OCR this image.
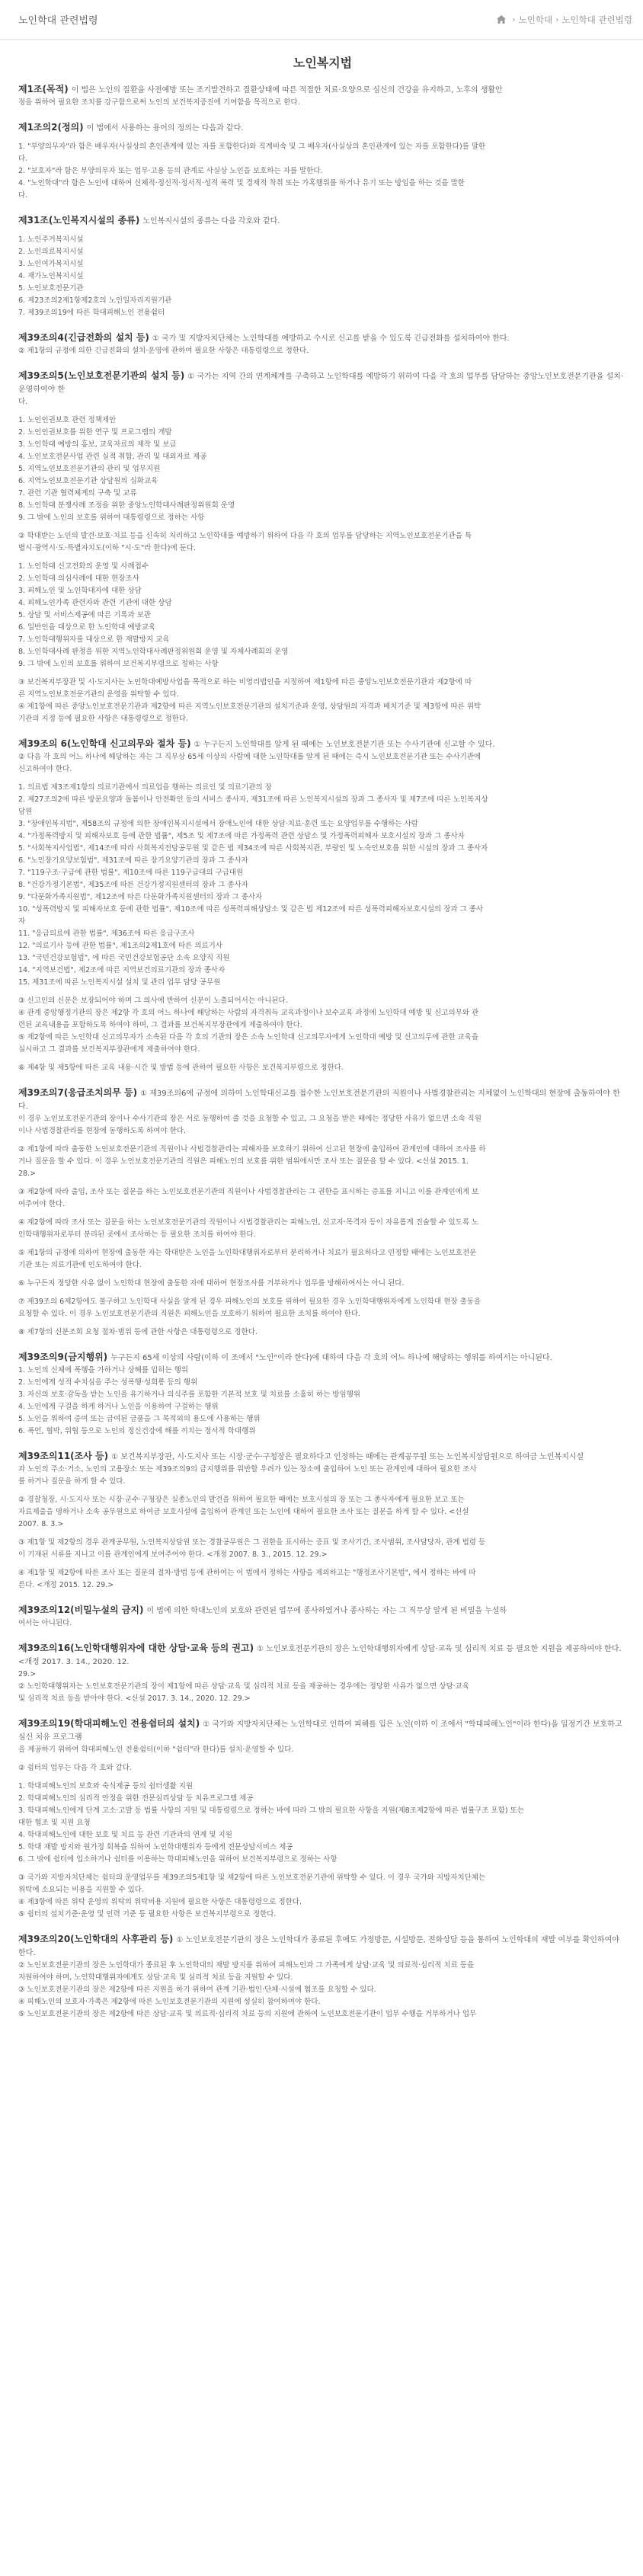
노인학대 관련법령	› 노인학대 › 노인학대 관련법령
노인복지법
제1조(목적) 이 법은 노인의 질환을 사전예방 또는 조기발견하고 질환상태에 따른 적절한 치료·요양으로 심신의 건강을 유지하고, 노후의 생활안
정을 위하여 필요한 조치를 강구함으로써 노인의 보건복지증진에 기여함을 목적으로 한다.
제1조의2(정의) 이 법에서 사용하는 용어의 정의는 다음과 같다.
1. "부양의무자"라 함은 배우자(사실상의 혼인관계에 있는 자를 포함한다)와 직계비속 및 그 배우자(사실상의 혼인관계에 있는 자를 포함한다)를 말한
다.
2. "보호자"라 함은 부양의무자 또는 업무·고용 등의 관계로 사실상 노인을 보호하는 자를 말한다.
4. "노인학대"라 함은 노인에 대하여 신체적·정신적·정서적·성적 폭력 및 경제적 착취 또는 가혹행위를 하거나 유기 또는 방임을 하는 것을 말한
다.
제31조(노인복지시설의 종류) 노인복지시설의 종류는 다음 각호와 같다.
1. 노인주거복지시설
2. 노인의료복지시설
3. 노인여가복지시설
4. 재가노인복지시설
5. 노인보호전문기관
6. 제23조의2제1항제2호의 노인일자리지원기관
7. 제39조의19에 따른 학대피해노인 전용쉼터
제39조의4(긴급전화의 설치 등) ① 국가 및 지방자치단체는 노인학대를 예방하고 수시로 신고를 받을 수 있도록 긴급전화를 설치하여야 한다.
② 제1항의 규정에 의한 긴급전화의 설치·운영에 관하여 필요한 사항은 대통령령으로 정한다.
제39조의5(노인보호전문기관의 설치 등) ① 국가는 지역 간의 연계체계를 구축하고 노인학대를 예방하기 위하여 다음 각 호의 업무를 담당하는 중앙노인보호전문기관을 설치·운영하여야 한
다.
1. 노인인권보호 관련 정책제안
2. 노인인권보호를 위한 연구 및 프로그램의 개발
3. 노인학대 예방의 홍보, 교육자료의 제작 및 보급
4. 노인보호전문사업 관련 실적 취합, 관리 및 대외자료 제공
5. 지역노인보호전문기관의 관리 및 업무지원
6. 지역노인보호전문기관 상담원의 심화교육
7. 관련 기관 협력체계의 구축 및 교류
8. 노인학대 분쟁사례 조정을 위한 중앙노인학대사례판정위원회 운영
9. 그 밖에 노인의 보호를 위하여 대통령령으로 정하는 사항
② 학대받는 노인의 발견·보호·치료 등을 신속히 처리하고 노인학대를 예방하기 위하여 다음 각 호의 업무를 담당하는 지역노인보호전문기관을 특
별시·광역시·도·특별자치도(이하 "시·도"라 한다)에 둔다.
1. 노인학대 신고전화의 운영 및 사례접수
2. 노인학대 의심사례에 대한 현장조사
3. 피해노인 및 노인학대자에 대한 상담
4. 피해노인가족 관련자와 관련 기관에 대한 상담
5. 상담 및 서비스제공에 따른 기록과 보관
6. 일반인을 대상으로 한 노인학대 예방교육
7. 노인학대행위자를 대상으로 한 재발방지 교육
8. 노인학대사례 판정을 위한 지역노인학대사례판정위원회 운영 및 자체사례회의 운영
9. 그 밖에 노인의 보호를 위하여 보건복지부령으로 정하는 사항
③ 보건복지부장관 및 시·도지사는 노인학대예방사업을 목적으로 하는 비영리법인을 지정하여 제1항에 따른 중앙노인보호전문기관과 제2항에 따
른 지역노인보호전문기관의 운영을 위탁할 수 있다.
④ 제1항에 따른 중앙노인보호전문기관과 제2항에 따른 지역노인보호전문기관의 설치기준과 운영, 상담원의 자격과 배치기준 및 제3항에 따른 위탁
기관의 지정 등에 필요한 사항은 대통령령으로 정한다.
제39조의 6(노인학대 신고의무와 절차 등) ① 누구든지 노인학대를 알게 된 때에는 노인보호전문기관 또는 수사기관에 신고할 수 있다.
② 다음 각 호의 어느 하나에 해당하는 자는 그 직무상 65세 이상의 사람에 대한 노인학대를 알게 된 때에는 즉시 노인보호전문기관 또는 수사기관에
신고하여야 한다.
1. 의료법 제3조제1항의 의료기관에서 의료업을 행하는 의료인 및 의료기관의 장
2. 제27조의2에 따른 방문요양과 돌봄이나 안전확인 등의 서비스 종사자, 제31조에 따른 노인복지시설의 장과 그 종사자 및 제7조에 따른 노인복지상
담원
3. "장애인복지법", 제58조의 규정에 의한 장애인복지시설에서 장애노인에 대한 상담·치료·훈련 또는 요양업무를 수행하는 사람
4. "가정폭력방지 및 피해자보호 등에 관한 법률", 제5조 및 제7조에 따른 가정폭력 관련 상담소 및 가정폭력피해자 보호시설의 장과 그 종사자
5. "사회복지사업법", 제14조에 따라 사회복지전담공무원 및 같은 법 제34조에 따른 사회복지관, 부랑인 및 노숙인보호를 위한 시설의 장과 그 종사자
6. "노인장기요양보험법", 제31조에 따른 장기요양기관의 장과 그 종사자
7. "119구조·구급에 관한 법률", 제10조에 따른 119구급대의 구급대원
8. "건강가정기본법", 제35조에 따른 건강가정지원센터의 장과 그 종사자
9. "다문화가족지원법", 제12조에 따른 다문화가족지원센터의 장과 그 종사자
10. "성폭력방지 및 피해자보호 등에 관한 법률", 제10조에 따른 성폭력피해상담소 및 같은 법 제12조에 따른 성폭력피해자보호시설의 장과 그 종사
자
11. "응급의료에 관한 법률", 제36조에 따른 응급구조사
12. "의료기사 등에 관한 법률", 제1조의2제1호에 따른 의료기사
13. "국민건강보험법", 에 따른 국민건강보험공단 소속 요양직 직원
14. "지역보건법", 제2조에 따른 지역보건의료기관의 장과 종사자
15. 제31조에 따른 노인복지시설 설치 및 관리 업무 담당 공무원
③ 신고인의 신분은 보장되어야 하며 그 의사에 반하여 신분이 노출되어서는 아니된다.
④ 관계 중앙행정기관의 장은 제2항 각 호의 어느 하나에 해당하는 사람의 자격취득 교육과정이나 보수교육 과정에 노인학대 예방 및 신고의무와 관
련된 교육내용을 포함하도록 하여야 하며, 그 결과를 보건복지부장관에게 제출하여야 한다.
⑤ 제2항에 따른 노인학대 신고의무자가 소속된 다음 각 호의 기관의 장은 소속 노인학대 신고의무자에게 노인학대 예방 및 신고의무에 관한 교육을
실시하고 그 결과를 보건복지부장관에게 제출하여야 한다.
⑥ 제4항 및 제5항에 따른 교육 내용·시간 및 방법 등에 관하여 필요한 사항은 보건복지부령으로 정한다.
제39조의7(응급조치의무 등) ① 제39조의6에 규정에 의하여 노인학대신고를 접수한 노인보호전문기관의 직원이나 사법경찰관리는 지체없이 노인학대의 현장에 출동하여야 한다.
이 경우 노인보호전문기관의 장이나 수사기관의 장은 서로 동행하여 줄 것을 요청할 수 있고, 그 요청을 받은 때에는 정당한 사유가 없으면 소속 직원
이나 사법경찰관리를 현장에 동행하도록 하여야 한다.
② 제1항에 따라 출동한 노인보호전문기관의 직원이나 사법경찰관리는 피해자를 보호하기 위하여 신고된 현장에 출입하여 관계인에 대하여 조사를 하
거나 질문을 할 수 있다. 이 경우 노인보호전문기관의 직원은 피해노인의 보호를 위한 범위에서만 조사 또는 질문을 할 수 있다. <신설 2015. 1.
28.>
③ 제2항에 따라 출입, 조사 또는 질문을 하는 노인보호전문기관의 직원이나 사법경찰관리는 그 권한을 표시하는 증표를 지니고 이를 관계인에게 보
여주어야 한다.
④ 제2항에 따라 조사 또는 질문을 하는 노인보호전문기관의 직원이나 사법경찰관리는 피해노인, 신고자·목격자 등이 자유롭게 진술할 수 있도록 노
인학대행위자로부터 분리된 곳에서 조사하는 등 필요한 조치를 하여야 한다.
⑤ 제1항의 규정에 의하여 현장에 출동한 자는 학대받은 노인을 노인학대행위자로부터 분리하거나 치료가 필요하다고 인정할 때에는 노인보호전문
기관 또는 의료기관에 인도하여야 한다.
⑥ 누구든지 정당한 사유 없이 노인학대 현장에 출동한 자에 대하여 현장조사를 거부하거나 업무를 방해하여서는 아니 된다.
⑦ 제39조의 6제2항에도 불구하고 노인학대 사실을 알게 된 경우 피해노인의 보호를 위하여 필요한 경우 노인학대행위자에게 노인학대 현장 출동을
요청할 수 있다. 이 경우 노인보호전문기관의 직원은 피해노인을 보호하기 위하여 필요한 조치를 하여야 한다.
⑧ 제7항의 신분조회 요청 절차·범위 등에 관한 사항은 대통령령으로 정한다.
제39조의9(금지행위) 누구든지 65세 이상의 사람(이하 이 조에서 "노인"이라 한다)에 대하여 다음 각 호의 어느 하나에 해당하는 행위를 하여서는 아니된다.
1. 노인의 신체에 폭행을 가하거나 상해를 입히는 행위
2. 노인에게 성적 수치심을 주는 성폭행·성희롱 등의 행위
3. 자신의 보호·감독을 받는 노인을 유기하거나 의식주를 포함한 기본적 보호 및 치료를 소홀히 하는 방임행위
4. 노인에게 구걸을 하게 하거나 노인을 이용하여 구걸하는 행위
5. 노인을 위하여 증여 또는 급여된 금품을 그 목적외의 용도에 사용하는 행위
6. 폭언, 협박, 위협 등으로 노인의 정신건강에 해를 끼치는 정서적 학대행위
제39조의11(조사 등) ① 보건복지부장관, 시·도지사 또는 시장·군수·구청장은 필요하다고 인정하는 때에는 관계공무원 또는 노인복지상담원으로 하여금 노인복지시설
과 노인의 주소·거소, 노인의 고용장소 또는 제39조의9의 금지행위를 위반할 우려가 있는 장소에 출입하여 노인 또는 관계인에 대하여 필요한 조사
를 하거나 질문을 하게 할 수 있다.
② 경찰청장, 시·도지사 또는 시장·군수·구청장은 실종노인의 발견을 위하여 필요한 때에는 보호시설의 장 또는 그 종사자에게 필요한 보고 또는
자료제출을 명하거나 소속 공무원으로 하여금 보호시설에 출입하여 관계인 또는 노인에 대하여 필요한 조사 또는 질문을 하게 할 수 있다. <신설
2007. 8. 3.>
③ 제1항 및 제2항의 경우 관계공무원, 노인복지상담원 또는 경찰공무원은 그 권한을 표시하는 증표 및 조사기간, 조사범위, 조사담당자, 관계 법령 등
이 기재된 서류를 지니고 이를 관계인에게 보여주어야 한다. <개정 2007. 8. 3., 2015. 12. 29.>
④ 제1항 및 제2항에 따른 조사 또는 질문의 절차·방법 등에 관하여는 이 법에서 정하는 사항을 제외하고는 "행정조사기본법", 에서 정하는 바에 따
른다. <개정 2015. 12. 29.>
제39조의12(비밀누설의 금지) 이 법에 의한 학대노인의 보호와 관련된 업무에 종사하였거나 종사하는 자는 그 직무상 알게 된 비밀을 누설하
여서는 아니된다.
제39조의16(노인학대행위자에 대한 상담·교육 등의 권고) ① 노인보호전문기관의 장은 노인학대행위자에게 상담·교육 및 심리적 치료 등 필요한 지원을 제공하여야 한다. <개정 2017. 3. 14., 2020. 12.
29.>
② 노인학대행위자는 노인보호전문기관의 장이 제1항에 따른 상담·교육 및 심리적 치료 등을 제공하는 경우에는 정당한 사유가 없으면 상담·교육
및 심리적 치료 등을 받아야 한다. <신설 2017. 3. 14., 2020. 12. 29.>
제39조의19(학대피해노인 전용쉼터의 설치) ① 국가와 지방자치단체는 노인학대로 인하여 피해를 입은 노인(이하 이 조에서 "학대피해노인"이라 한다)을 일정기간 보호하고 심신 치유 프로그램
을 제공하기 위하여 학대피해노인 전용쉼터(이하 "쉼터"라 한다)를 설치·운영할 수 있다.
② 쉼터의 업무는 다음 각 호와 같다.
1. 학대피해노인의 보호와 숙식제공 등의 쉼터생활 지원
2. 학대피해노인의 심리적 안정을 위한 전문심리상담 등 치유프로그램 제공
3. 학대피해노인에게 단계 고소·고발 등 법률 사항의 지원 및 대통령령으로 정하는 바에 따라 그 밖의 필요한 사항을 지원(제8조제2항에 따른 법률구조 포함) 또는
대한 협조 및 지원 요청
4. 학대피해노인에 대한 보호 및 치료 등 관련 기관과의 연계 및 지원
5. 학대 재발 방지와 원가정 회복을 위하여 노인학대행위자 등에게 전문상담서비스 제공
6. 그 밖에 쉼터에 입소하거나 쉼터를 이용하는 학대피해노인을 위하여 보건복지부령으로 정하는 사항
③ 국가와 지방자치단체는 쉼터의 운영업무를 제39조의5제1항 및 제2항에 따른 노인보호전문기관에 위탁할 수 있다. 이 경우 국가와 지방자치단체는
위탁에 소요되는 비용을 지원할 수 있다.
④ 제3항에 따른 위탁 운영의 위탁의 위탁비용 지원에 필요한 사항은 대통령령으로 정한다.
⑤ 쉼터의 설치기준·운영 및 인력 기준 등 필요한 사항은 보건복지부령으로 정한다.
제39조의20(노인학대의 사후관리 등) ① 노인보호전문기관의 장은 노인학대가 종료된 후에도 가정방문, 시설방문, 전화상담 등을 통하여 노인학대의 재발 여부를 확인하여야 한다.
② 노인보호전문기관의 장은 노인학대가 종료된 후 노인학대의 재발 방지를 위하여 피해노인과 그 가족에게 상담·교육 및 의료적·심리적 치료 등을
지원하여야 하며, 노인학대행위자에게도 상담·교육 및 심리적 치료 등을 지원할 수 있다.
③ 노인보호전문기관의 장은 제2항에 따른 지원을 하기 위하여 관계 기관·법인·단체·시설에 협조를 요청할 수 있다.
④ 피해노인의 보호자·가족은 제2항에 따른 노인보호전문기관의 지원에 성실히 참여하여야 한다.
⑤ 노인보호전문기관의 장은 제2항에 따른 상담·교육 및 의료적·심리적 치료 등의 지원에 관하여 노인보호전문기관이 업무 수행을 거부하거나 업무
